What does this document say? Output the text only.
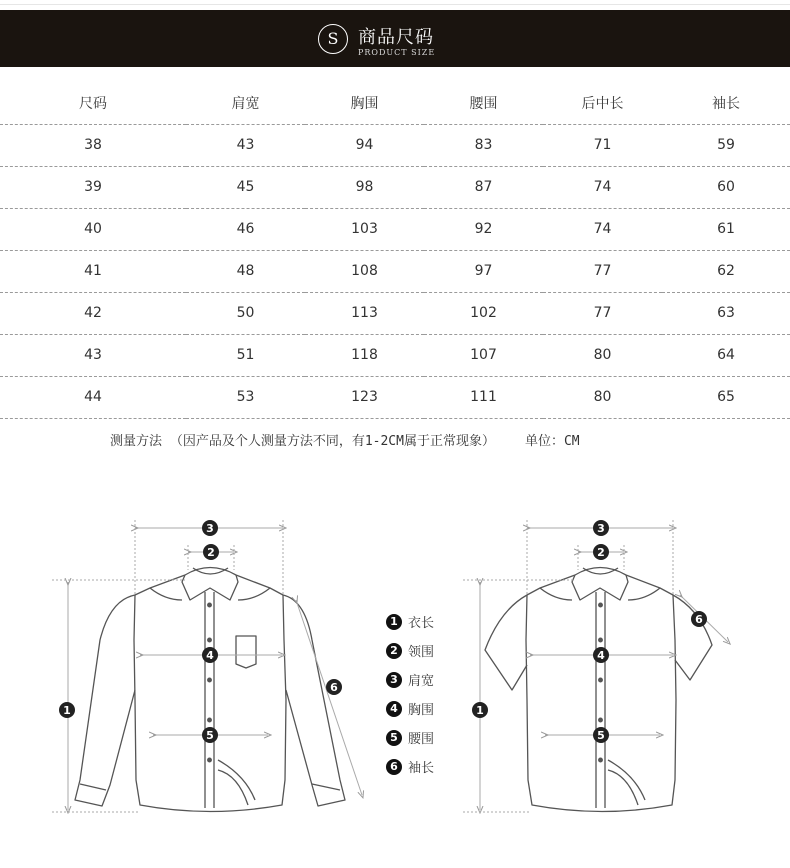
S	商品尺码
PRODUCT SIZE
尺码	肩宽	胸围	腰围	后中长	袖长
38	43	94	83	71	59
39	45	98	87	74	60
40	46	103	92	74	61
41	48	108	97	77	62
42	50	113	102	77	63
43	51	118	107	80	64
44	53	123	111	80	65
测量方法 （因产品及个人测量方法不同，有1-2CM属于正常现象） 单位：CM
3
2
4
5
6
1
3
2
4
5
6
1
1 衣长
2 领围
3 肩宽
4 胸围
5 腰围
6 袖长
